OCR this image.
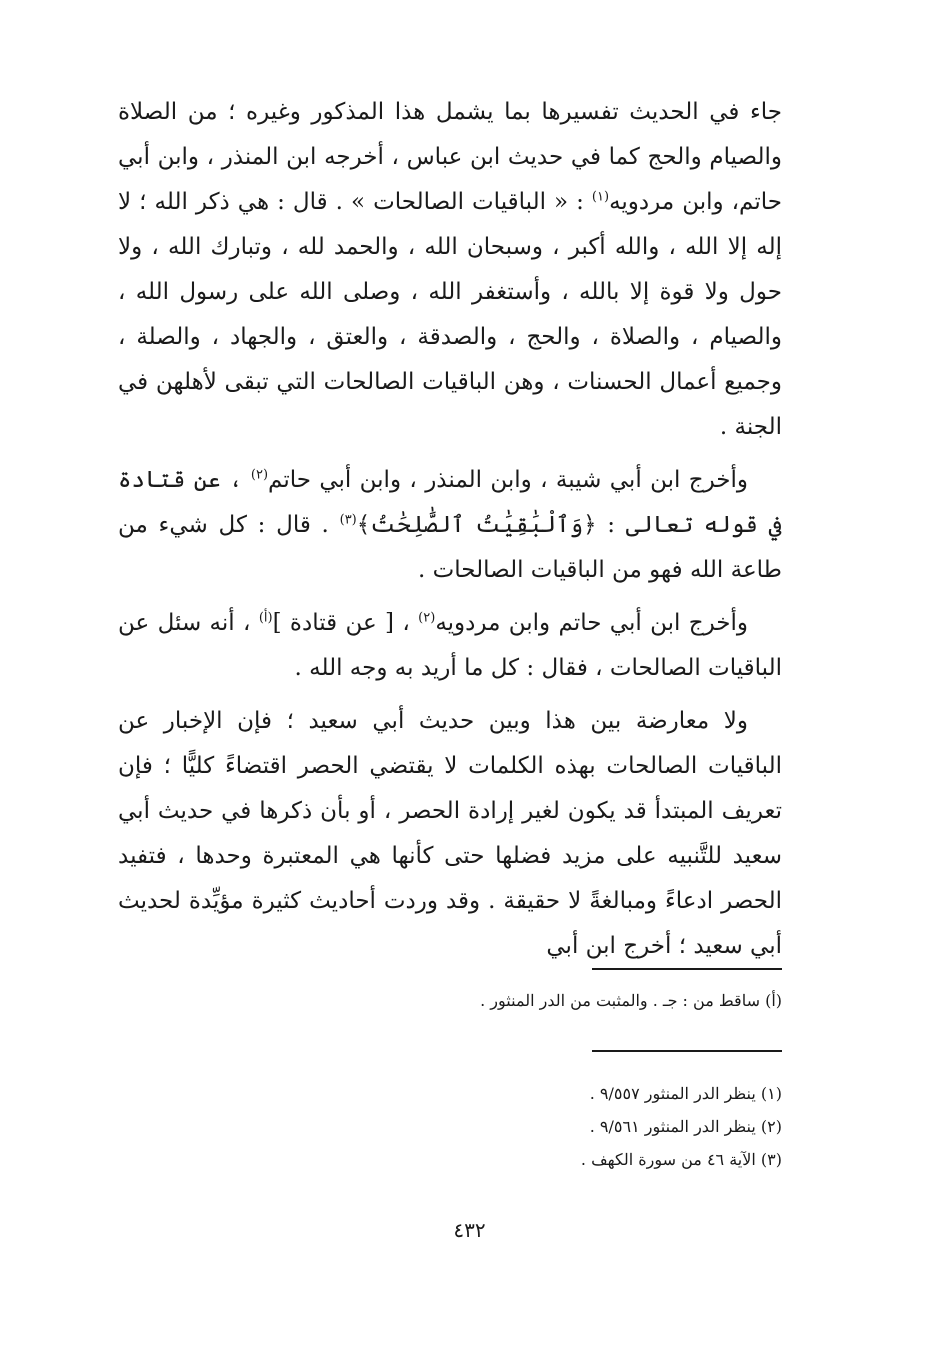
جاء في الحديث تفسيرها بما يشمل هذا المذكور وغيره ؛ من الصلاة والصيام والحج كما في حديث ابن عباس ، أخرجه ابن المنذر ، وابن أبي حاتم، وابن مردويه$^{(١)}$ : « الباقيات الصالحات » . قال : هي ذكر الله ؛ لا إله إلا الله ، والله أكبر ، وسبحان الله ، والحمد لله ، وتبارك الله ، ولا حول ولا قوة إلا بالله ، وأستغفر الله ، وصلى الله على رسول الله ، والصيام ، والصلاة ، والحج ، والصدقة ، والعتق ، والجهاد ، والصلة ، وجميع أعمال الحسنات ، وهن الباقيات الصالحات التي تبقى لأهلهن في الجنة .

وأخرج ابن أبي شيبة ، وابن المنذر ، وابن أبي حاتم$^{(٢)}$ ، عن قتادة في قوله تعالى : ﴿وَٱلْبَٰقِيَٰتُ ٱلصَّٰلِحَٰتُ﴾$^{(٣)}$ . قال : كل شيء من طاعة الله فهو من الباقيات الصالحات .

وأخرج ابن أبي حاتم وابن مردويه$^{(٢)}$ ، [ عن قتادة ]$^{(أ)}$ ، أنه سئل عن الباقيات الصالحات ، فقال : كل ما أريد به وجه الله .

ولا معارضة بين هذا وبين حديث أبي سعيد ؛ فإن الإخبار عن الباقيات الصالحات بهذه الكلمات لا يقتضي الحصر اقتضاءً كليًّا ؛ فإن تعريف المبتدأ قد يكون لغير إرادة الحصر ، أو بأن ذكرها في حديث أبي سعيد للتَّنبيه على مزيد فضلها حتى كأنها هي المعتبرة وحدها ، فتفيد الحصر ادعاءً ومبالغةً لا حقيقة . وقد وردت أحاديث كثيرة مؤيِّدة لحديث أبي سعيد ؛ أخرج ابن أبي

(أ) ساقط من : جـ . والمثبت من الدر المنثور .
(١) ينظر الدر المنثور ٩/٥٥٧ .
(٢) ينظر الدر المنثور ٩/٥٦١ .
(٣) الآية ٤٦ من سورة الكهف .
٤٣٢
